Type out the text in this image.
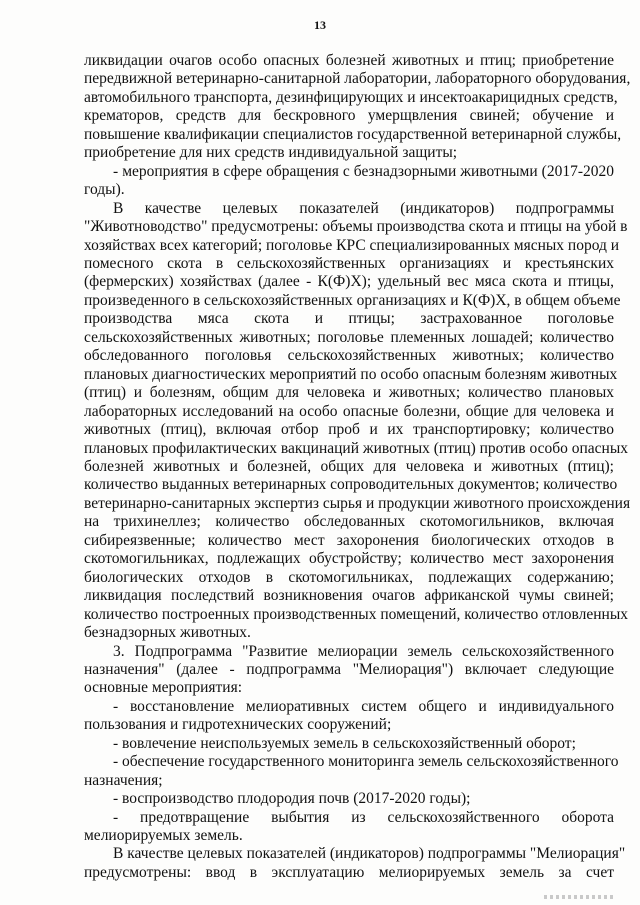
13

ликвидации очагов особо опасных болезней животных и птиц; приобретение
передвижной ветеринарно-санитарной лаборатории, лабораторного оборудования,
автомобильного транспорта, дезинфицирующих и инсектоакарицидных средств,
крематоров, средств для бескровного умерщвления свиней; обучение и
повышение квалификации специалистов государственной ветеринарной службы,
приобретение для них средств индивидуальной защиты;

- мероприятия в сфере обращения с безнадзорными животными (2017-2020
годы).

В качестве целевых показателей (индикаторов) подпрограммы
"Животноводство" предусмотрены: объемы производства скота и птицы на убой в
хозяйствах всех категорий; поголовье КРС специализированных мясных пород и
помесного скота в сельскохозяйственных организациях и крестьянских
(фермерских) хозяйствах (далее - К(Ф)Х); удельный вес мяса скота и птицы,
произведенного в сельскохозяйственных организациях и К(Ф)Х, в общем объеме
производства мяса скота и птицы; застрахованное поголовье
сельскохозяйственных животных; поголовье племенных лошадей; количество
обследованного поголовья сельскохозяйственных животных; количество
плановых диагностических мероприятий по особо опасным болезням животных
(птиц) и болезням, общим для человека и животных; количество плановых
лабораторных исследований на особо опасные болезни, общие для человека и
животных (птиц), включая отбор проб и их транспортировку; количество
плановых профилактических вакцинаций животных (птиц) против особо опасных
болезней животных и болезней, общих для человека и животных (птиц);
количество выданных ветеринарных сопроводительных документов; количество
ветеринарно-санитарных экспертиз сырья и продукции животного происхождения
на трихинеллез; количество обследованных скотомогильников, включая
сибиреязвенные; количество мест захоронения биологических отходов в
скотомогильниках, подлежащих обустройству; количество мест захоронения
биологических отходов в скотомогильниках, подлежащих содержанию;
ликвидация последствий возникновения очагов африканской чумы свиней;
количество построенных производственных помещений, количество отловленных
безнадзорных животных.

3. Подпрограмма "Развитие мелиорации земель сельскохозяйственного
назначения" (далее - подпрограмма "Мелиорация") включает следующие
основные мероприятия:

- восстановление мелиоративных систем общего и индивидуального
пользования и гидротехнических сооружений;

- вовлечение неиспользуемых земель в сельскохозяйственный оборот;

- обеспечение государственного мониторинга земель сельскохозяйственного
назначения;

- воспроизводство плодородия почв (2017-2020 годы);

- предотвращение выбытия из сельскохозяйственного оборота
мелиорируемых земель.

В качестве целевых показателей (индикаторов) подпрограммы "Мелиорация"
предусмотрены: ввод в эксплуатацию мелиорируемых земель за счет
